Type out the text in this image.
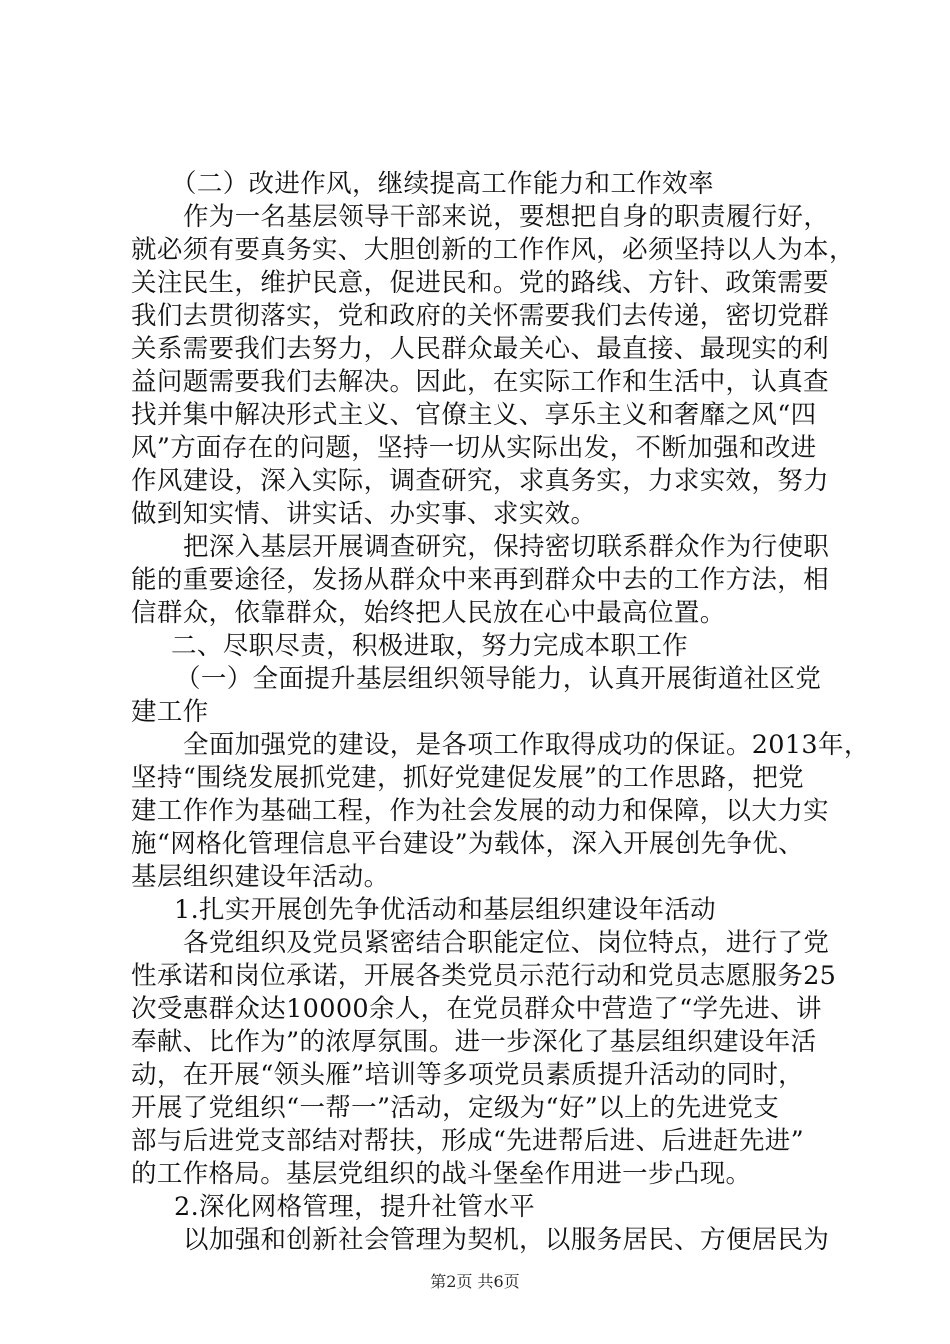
（二）改进作风，继续提高工作能力和工作效率
作为一名基层领导干部来说，要想把自身的职责履行好，
就必须有要真务实、大胆创新的工作作风，必须坚持以人为本，
关注民生，维护民意，促进民和。党的路线、方针、政策需要
我们去贯彻落实，党和政府的关怀需要我们去传递，密切党群
关系需要我们去努力，人民群众最关心、最直接、最现实的利
益问题需要我们去解决。因此，在实际工作和生活中，认真查
找并集中解决形式主义、官僚主义、享乐主义和奢靡之风“四
风”方面存在的问题，坚持一切从实际出发，不断加强和改进
作风建设，深入实际，调查研究，求真务实，力求实效，努力
做到知实情、讲实话、办实事、求实效。
把深入基层开展调查研究，保持密切联系群众作为行使职
能的重要途径，发扬从群众中来再到群众中去的工作方法，相
信群众，依靠群众，始终把人民放在心中最高位置。
二、尽职尽责，积极进取，努力完成本职工作
（一）全面提升基层组织领导能力，认真开展街道社区党
建工作
全面加强党的建设，是各项工作取得成功的保证。2013年，
坚持“围绕发展抓党建，抓好党建促发展”的工作思路，把党
建工作作为基础工程，作为社会发展的动力和保障，以大力实
施“网格化管理信息平台建设”为载体，深入开展创先争优、
基层组织建设年活动。
1.扎实开展创先争优活动和基层组织建设年活动
各党组织及党员紧密结合职能定位、岗位特点，进行了党
性承诺和岗位承诺，开展各类党员示范行动和党员志愿服务25
次受惠群众达10000余人，在党员群众中营造了“学先进、讲
奉献、比作为”的浓厚氛围。进一步深化了基层组织建设年活
动，在开展“领头雁”培训等多项党员素质提升活动的同时，
开展了党组织“一帮一”活动，定级为“好”以上的先进党支
部与后进党支部结对帮扶，形成“先进帮后进、后进赶先进”
的工作格局。基层党组织的战斗堡垒作用进一步凸现。
2.深化网格管理，提升社管水平
以加强和创新社会管理为契机，以服务居民、方便居民为
第2页 共6页
